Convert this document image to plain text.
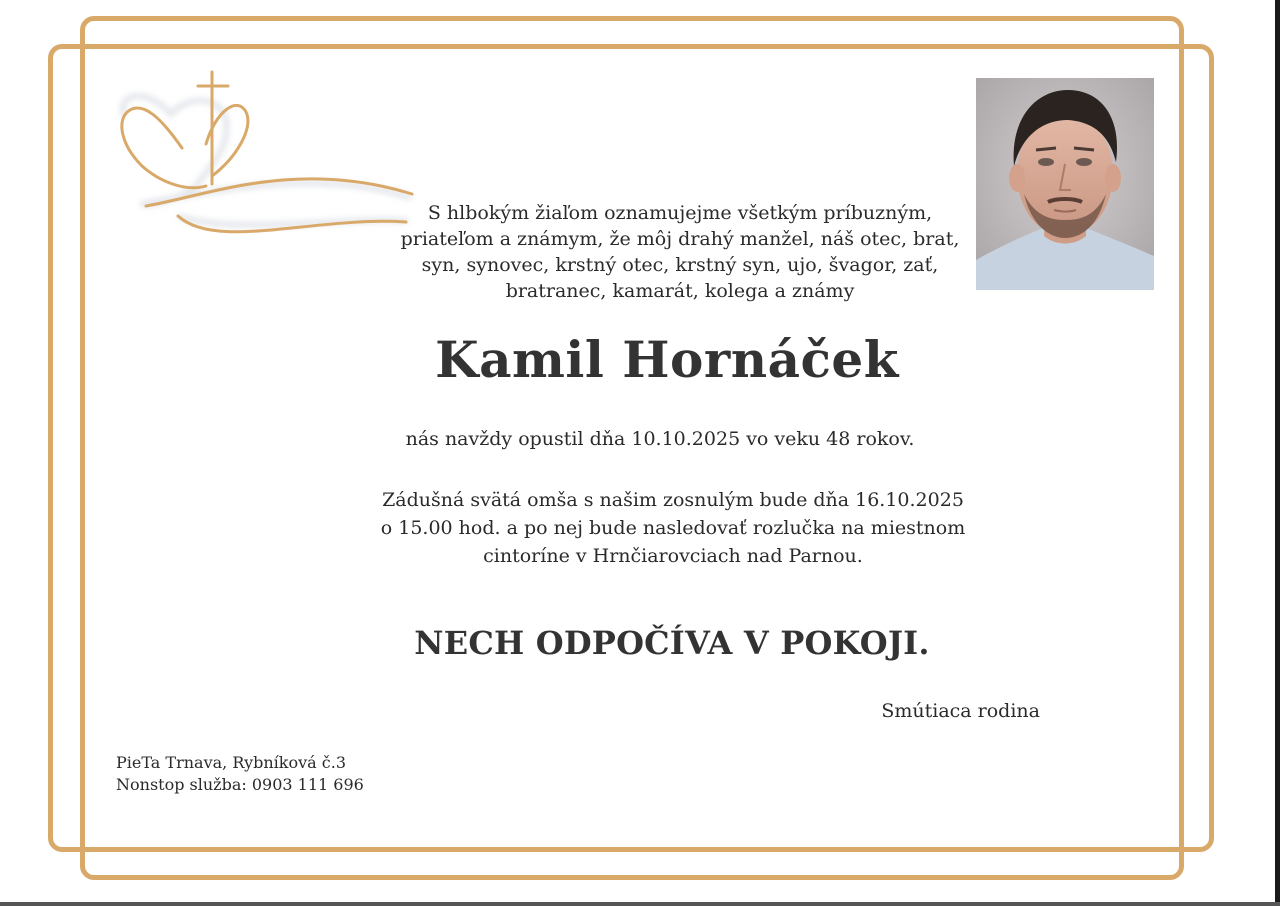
S hlbokým žiaľom oznamujejme všetkým príbuzným,
priateľom a známym, že môj drahý manžel, náš otec, brat,
syn, synovec, krstný otec, krstný syn, ujo, švagor, zať,
bratranec, kamarát, kolega a známy
Kamil Hornáček
nás navždy opustil dňa 10.10.2025 vo veku 48 rokov.
Zádušná svätá omša s našim zosnulým bude dňa 16.10.2025
o 15.00 hod. a po nej bude nasledovať rozlučka na miestnom
cintoríne v Hrnčiarovciach nad Parnou.
NECH ODPOČÍVA V POKOJI.
Smútiaca rodina
PieTa Trnava, Rybníková č.3
Nonstop služba: 0903 111 696
